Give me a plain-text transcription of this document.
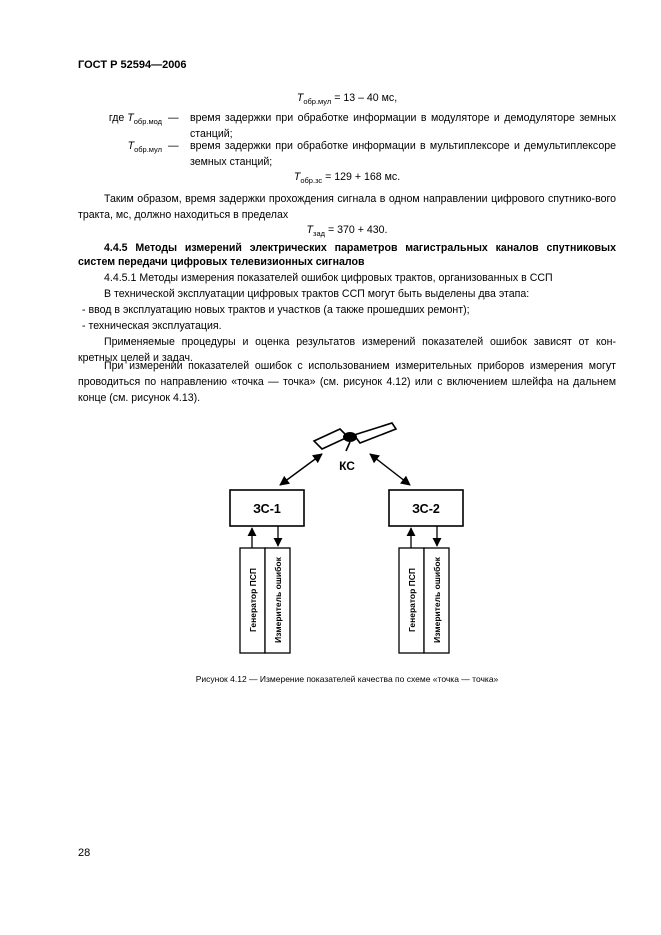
ГОСТ Р 52594—2006
$T_{обр.мул} = 13 - 40$ мс,
где $T_{обр.мод}$ — время задержки при обработке информации в модуляторе и демодуляторе земных станций;
$T_{обр.мул}$ — время задержки при обработке информации в мультиплексоре и демультиплексоре земных станций;
$T_{обр.зс} = 129 + 168$ мс.
Таким образом, время задержки прохождения сигнала в одном направлении цифрового спутнико-вого тракта, мс, должно находиться в пределах
$T_{зад} = 370 + 430$.
4.4.5 Методы измерений электрических параметров магистральных каналов спутниковых систем передачи цифровых телевизионных сигналов
4.4.5.1 Методы измерения показателей ошибок цифровых трактов, организованных в ССП
В технической эксплуатации цифровых трактов ССП могут быть выделены два этапа:
- ввод в эксплуатацию новых трактов и участков (а также прошедших ремонт);
- техническая эксплуатация.
Применяемые процедуры и оценка результатов измерений показателей ошибок зависят от кон-кретных целей и задач.
При измерении показателей ошибок с использованием измерительных приборов измерения могут проводиться по направлению «точка — точка» (см. рисунок 4.12) или с включением шлейфа на дальнем конце (см. рисунок 4.13).
КС
ЗС-1	ЗС-2
Генератор ПСП Измеритель ошибок	Генератор ПСП Измеритель ошибок
Рисунок 4.12 — Измерение показателей качества по схеме «точка — точка»
28
